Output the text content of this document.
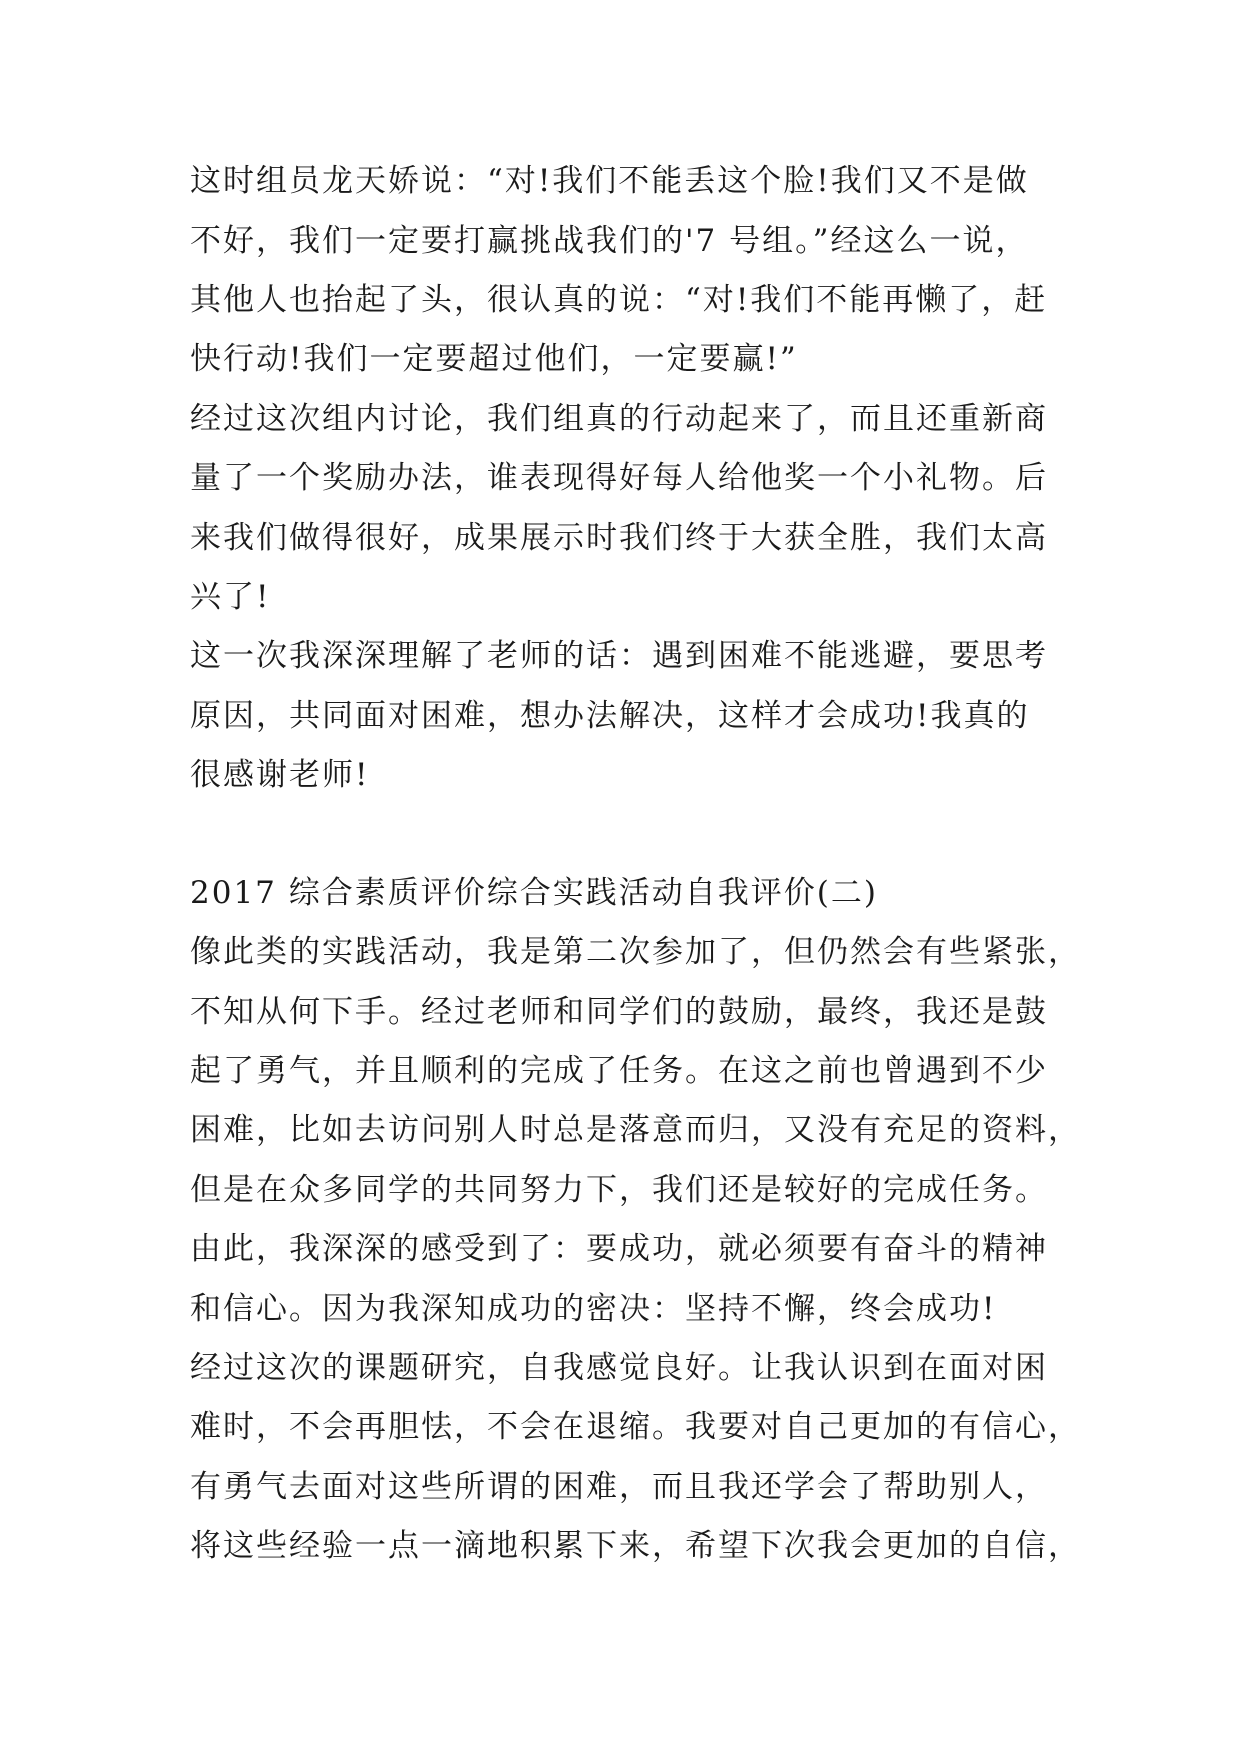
这时组员龙天娇说：“对!我们不能丢这个脸!我们又不是做
不好，我们一定要打赢挑战我们的'7 号组。”经这么一说，
其他人也抬起了头，很认真的说：“对!我们不能再懒了，赶
快行动!我们一定要超过他们，一定要赢!”
经过这次组内讨论，我们组真的行动起来了，而且还重新商
量了一个奖励办法，谁表现得好每人给他奖一个小礼物。后
来我们做得很好，成果展示时我们终于大获全胜，我们太高
兴了!
这一次我深深理解了老师的话：遇到困难不能逃避，要思考
原因，共同面对困难，想办法解决，这样才会成功!我真的
很感谢老师!
2017 综合素质评价综合实践活动自我评价(二)
像此类的实践活动，我是第二次参加了，但仍然会有些紧张，
不知从何下手。经过老师和同学们的鼓励，最终，我还是鼓
起了勇气，并且顺利的完成了任务。在这之前也曾遇到不少
困难，比如去访问别人时总是落意而归，又没有充足的资料，
但是在众多同学的共同努力下，我们还是较好的完成任务。
由此，我深深的感受到了：要成功，就必须要有奋斗的精神
和信心。因为我深知成功的密决：坚持不懈，终会成功!
经过这次的课题研究，自我感觉良好。让我认识到在面对困
难时，不会再胆怯，不会在退缩。我要对自己更加的有信心，
有勇气去面对这些所谓的困难，而且我还学会了帮助别人，
将这些经验一点一滴地积累下来，希望下次我会更加的自信，
